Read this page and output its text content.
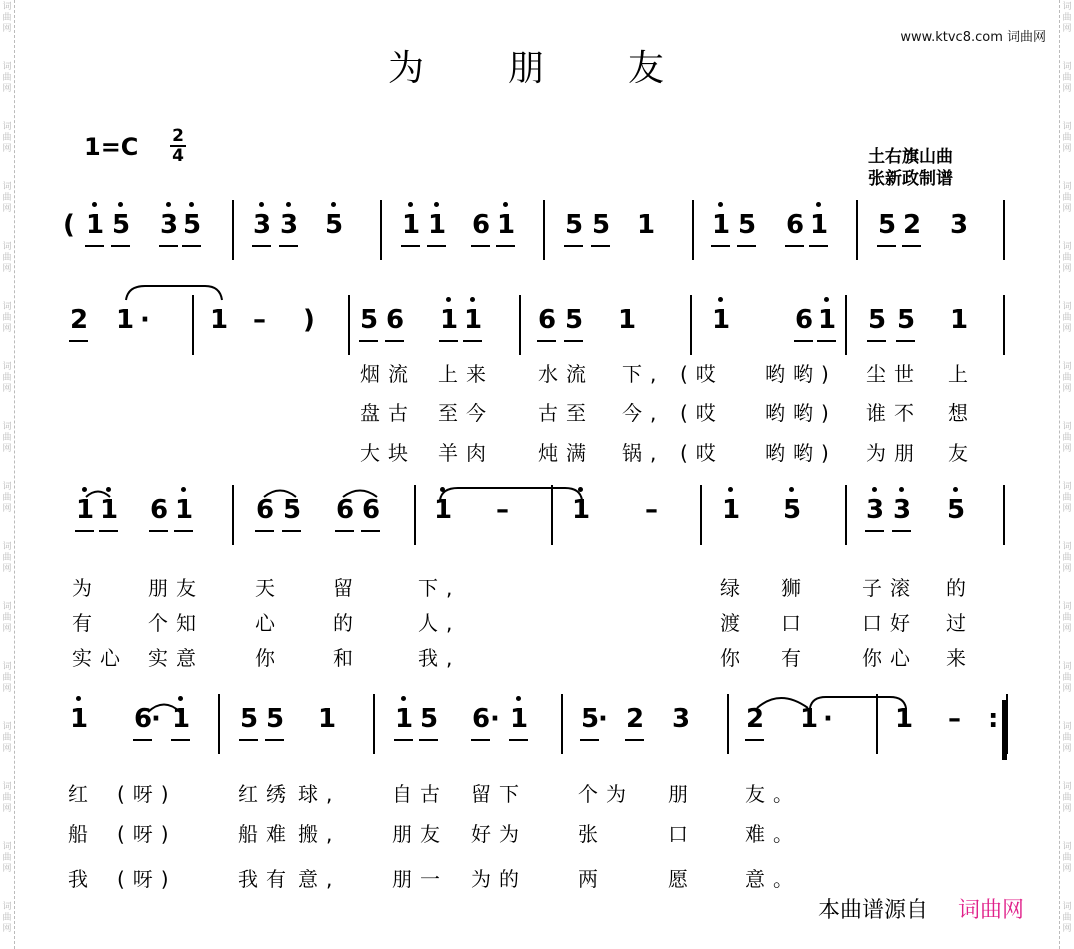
词
曲
网
词
曲
网
词
曲
网
词
曲
网
词
曲
网
词
曲
网
词
曲
网
词
曲
网
词
曲
网
词
曲
网
词
曲
网
词
曲
网
词
曲
网
词
曲
网
词
曲
网
词
曲
网
词
曲
网
词
曲
网
词
曲
网
词
曲
网
词
曲
网
词
曲
网
词
曲
网
词
曲
网
词
曲
网
词
曲
网
词
曲
网
词
曲
网
词
曲
网
词
曲
网
词
曲
网
词
曲
网
为 朋 友
www.ktvc8.com 词曲网
1=C 2
4	土右旗山曲
张新政制谱
( 1 5 3 5 3 3 5 1 1 6 1 5 5 1 1 5 6 1 5 2 3
2 1 · 1 – ) 5 6 1 1 6 5 1	1 6 1 5 5 1
烟流 上来 水流 下, (哎 哟哟) 尘世 上
盘古 至今 古至 今, (哎 哟哟) 谁不 想
大块 羊肉 炖满 锅, (哎 哟哟) 为朋 友
1 1 6 1 6 5 6 6 1 – 1 – 1 5 3 3 5
为 朋友	天	留	下,	绿 狮	子滚 的
有 个知	心	的	人,	渡 口	口好 过
实心 实意	你	和	我,	你 有	你心 来
1 6
· 1 5 5 1 1 5 6 · 1 5
· 2 3 2 1 · 1 – :
红 (呀)	红绣 球,	自古 留下	个为 朋 友。
船 (呀)	船难 搬,	朋友 好为	张	口 难。
我 (呀)	我有 意,	朋一 为的	两	愿 意。
本曲谱源自 词曲网
